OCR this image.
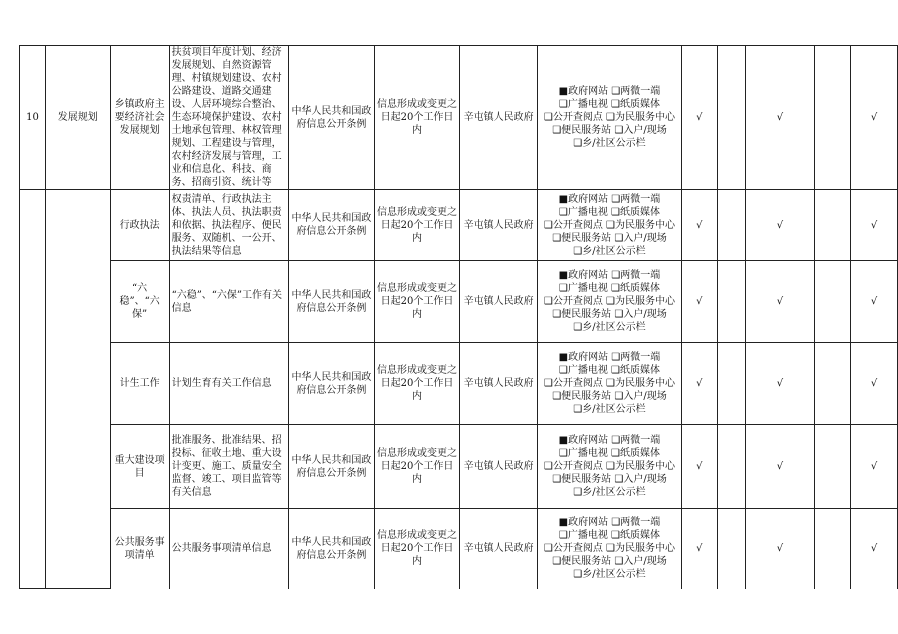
10	发展规划	乡镇政府主要经济社会发展规划	扶贫项目年度计划、经济发展规划、自然资源管理、村镇规划建设、农村公路建设、道路交通建设、人居环境综合整治、生态环境保护建设、农村土地承包管理、林权管理规划、工程建设与管理，农村经济发展与管理，工业和信息化、科技、商务、招商引资、统计等	中华人民共和国政府信息公开条例	信息形成或变更之日起20个工作日内	辛屯镇人民政府	■政府网站 ❑两微一端
❑广播电视 ❑纸质媒体
❑公开查阅点 ❑为民服务中心
❑便民服务站 ❑入户/现场
❑乡/社区公示栏	√		√		√
		行政执法	权责清单、行政执法主体、执法人员、执法职责和依据、执法程序、便民服务、双随机、一公开、执法结果等信息	中华人民共和国政府信息公开条例	信息形成或变更之日起20个工作日内	辛屯镇人民政府	■政府网站 ❑两微一端
❑广播电视 ❑纸质媒体
❑公开查阅点 ❑为民服务中心
❑便民服务站 ❑入户/现场
❑乡/社区公示栏	√		√		√
		“六稳”、“六保”	“六稳”、“六保”工作有关信息	中华人民共和国政府信息公开条例	信息形成或变更之日起20个工作日内	辛屯镇人民政府	■政府网站 ❑两微一端
❑广播电视 ❑纸质媒体
❑公开查阅点 ❑为民服务中心
❑便民服务站 ❑入户/现场
❑乡/社区公示栏	√		√		√
		计生工作	计划生育有关工作信息	中华人民共和国政府信息公开条例	信息形成或变更之日起20个工作日内	辛屯镇人民政府	■政府网站 ❑两微一端
❑广播电视 ❑纸质媒体
❑公开查阅点 ❑为民服务中心
❑便民服务站 ❑入户/现场
❑乡/社区公示栏	√		√		√
		重大建设项目	批准服务、批准结果、招投标、征收土地、重大设计变更、施工、质量安全监督、竣工、项目监管等有关信息	中华人民共和国政府信息公开条例	信息形成或变更之日起20个工作日内	辛屯镇人民政府	■政府网站 ❑两微一端
❑广播电视 ❑纸质媒体
❑公开查阅点 ❑为民服务中心
❑便民服务站 ❑入户/现场
❑乡/社区公示栏	√		√		√
		公共服务事项清单	公共服务事项清单信息	中华人民共和国政府信息公开条例	信息形成或变更之日起20个工作日内	辛屯镇人民政府	■政府网站 ❑两微一端
❑广播电视 ❑纸质媒体
❑公开查阅点 ❑为民服务中心
❑便民服务站 ❑入户/现场
❑乡/社区公示栏	√		√		√
